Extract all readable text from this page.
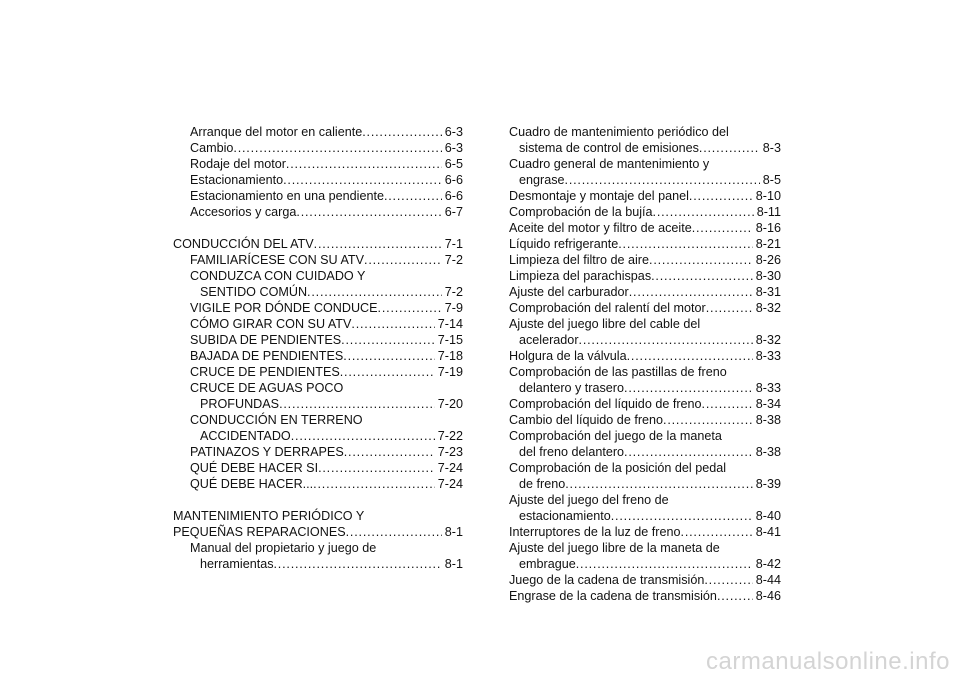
Arranque del motor en caliente . . .	6-3
Cambio . . .	6-3
Rodaje del motor . . .	6-5
Estacionamiento . . .	6-6
Estacionamiento en una pendiente . . .	6-6
Accesorios y carga . . .	6-7
CONDUCCIÓN DEL ATV . . .	7-1
FAMILIARÍCESE CON SU ATV . . .	7-2
CONDUZCA CON CUIDADO Y
SENTIDO COMÚN . . .	7-2
VIGILE POR DÓNDE CONDUCE . . .	7-9
CÓMO GIRAR CON SU ATV . . .	7-14
SUBIDA DE PENDIENTES . . .	7-15
BAJADA DE PENDIENTES . . .	7-18
CRUCE DE PENDIENTES . . .	7-19
CRUCE DE AGUAS POCO
PROFUNDAS . . .	7-20
CONDUCCIÓN EN TERRENO
ACCIDENTADO . . .	7-22
PATINAZOS Y DERRAPES . . .	7-23
QUÉ DEBE HACER SI . . .	7-24
QUÉ DEBE HACER... . . .	7-24
MANTENIMIENTO PERIÓDICO Y
PEQUEÑAS REPARACIONES . . .	8-1
Manual del propietario y juego de
herramientas . . .	8-1
Cuadro de mantenimiento periódico del
sistema de control de emisiones . . .	8-3
Cuadro general de mantenimiento y
engrase . . .	8-5
Desmontaje y montaje del panel . . .	8-10
Comprobación de la bujía . . .	8-11
Aceite del motor y filtro de aceite . . .	8-16
Líquido refrigerante . . .	8-21
Limpieza del filtro de aire . . .	8-26
Limpieza del parachispas . . .	8-30
Ajuste del carburador . . .	8-31
Comprobación del ralentí del motor . . .	8-32
Ajuste del juego libre del cable del
acelerador . . .	8-32
Holgura de la válvula . . .	8-33
Comprobación de las pastillas de freno
delantero y trasero . . .	8-33
Comprobación del líquido de freno . . .	8-34
Cambio del líquido de freno . . .	8-38
Comprobación del juego de la maneta
del freno delantero . . .	8-38
Comprobación de la posición del pedal
de freno . . .	8-39
Ajuste del juego del freno de
estacionamiento . . .	8-40
Interruptores de la luz de freno . . .	8-41
Ajuste del juego libre de la maneta de
embrague . . .	8-42
Juego de la cadena de transmisión . . .	8-44
Engrase de la cadena de transmisión . . .	8-46
carmanualsonline.info
